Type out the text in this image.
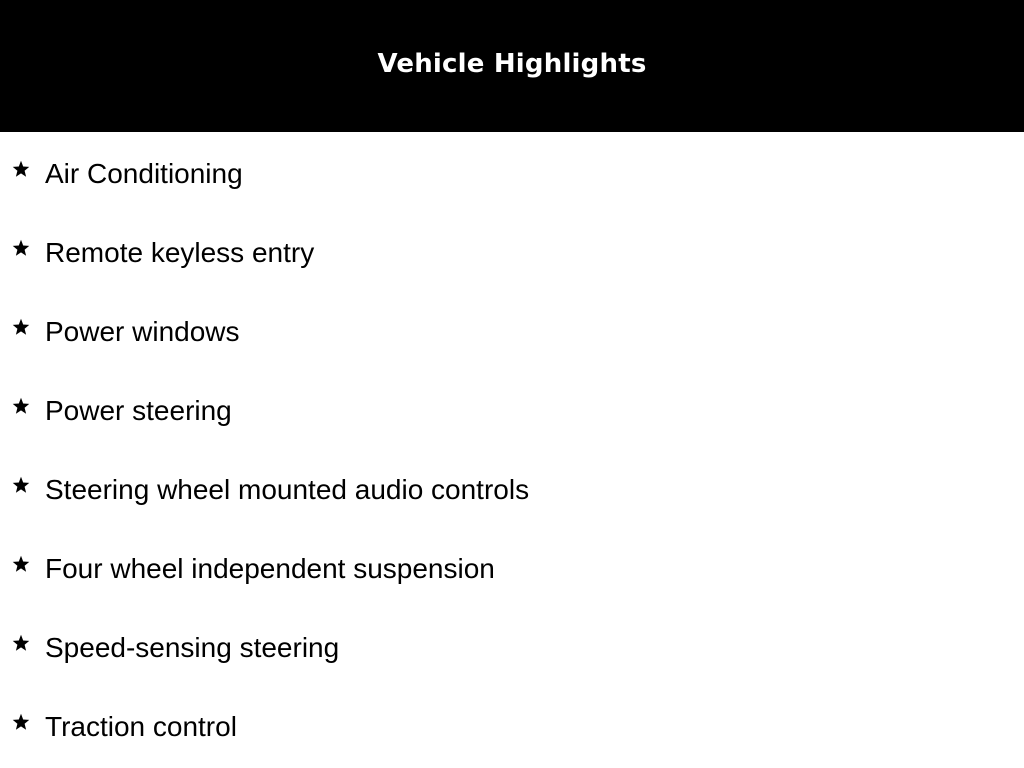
Vehicle Highlights
Air Conditioning
Remote keyless entry
Power windows
Power steering
Steering wheel mounted audio controls
Four wheel independent suspension
Speed-sensing steering
Traction control
